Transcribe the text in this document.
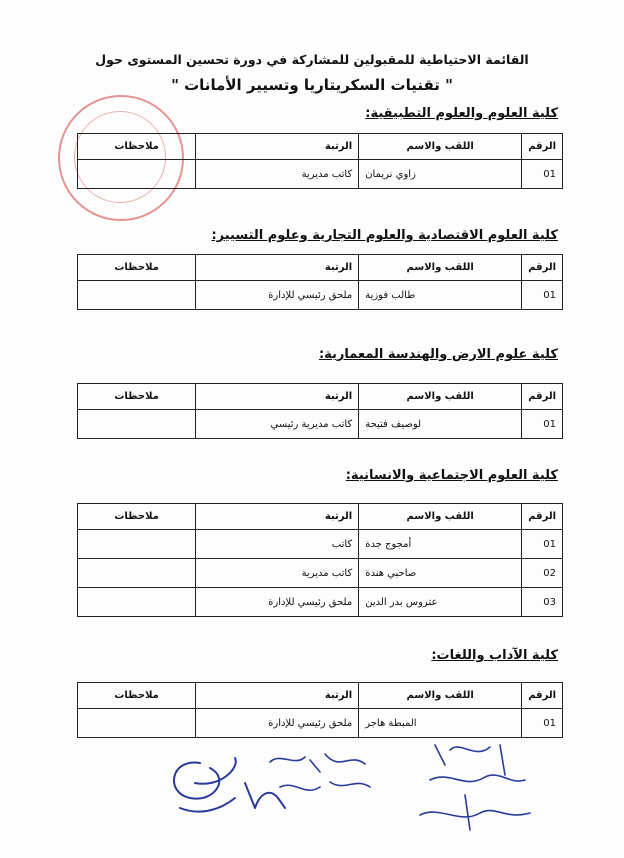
القائمة الاحتياطية للمقبولين للمشاركة في دورة تحسين المستوى حول
" تقنيات السكريتاريا وتسيير الأمانات "
كلية العلوم والعلوم التطبيقية:
الرقم	اللقب والاسم	الرتبة	ملاحظات
01	زاوي نريمان	كاتب مديرية	
كلية العلوم الاقتصادية والعلوم التجارية وعلوم التسيير:
الرقم	اللقب والاسم	الرتبة	ملاحظات
01	طالب فوزية	ملحق رئيسي للإدارة	
كلية علوم الارض والهندسة المعمارية:
الرقم	اللقب والاسم	الرتبة	ملاحظات
01	لوصيف فتيحة	كاتب مديرية رئيسي	
كلية العلوم الاجتماعية والانسانية:
الرقم	اللقب والاسم	الرتبة	ملاحظات
01	أمجوج جدة	كاتب	
02	صاحبي هندة	كاتب مديرية	
03	عتروس بدر الدين	ملحق رئيسي للإدارة	
كلية الآداب واللغات:
الرقم	اللقب والاسم	الرتبة	ملاحظات
01	المبطة هاجر	ملحق رئيسي للإدارة	
